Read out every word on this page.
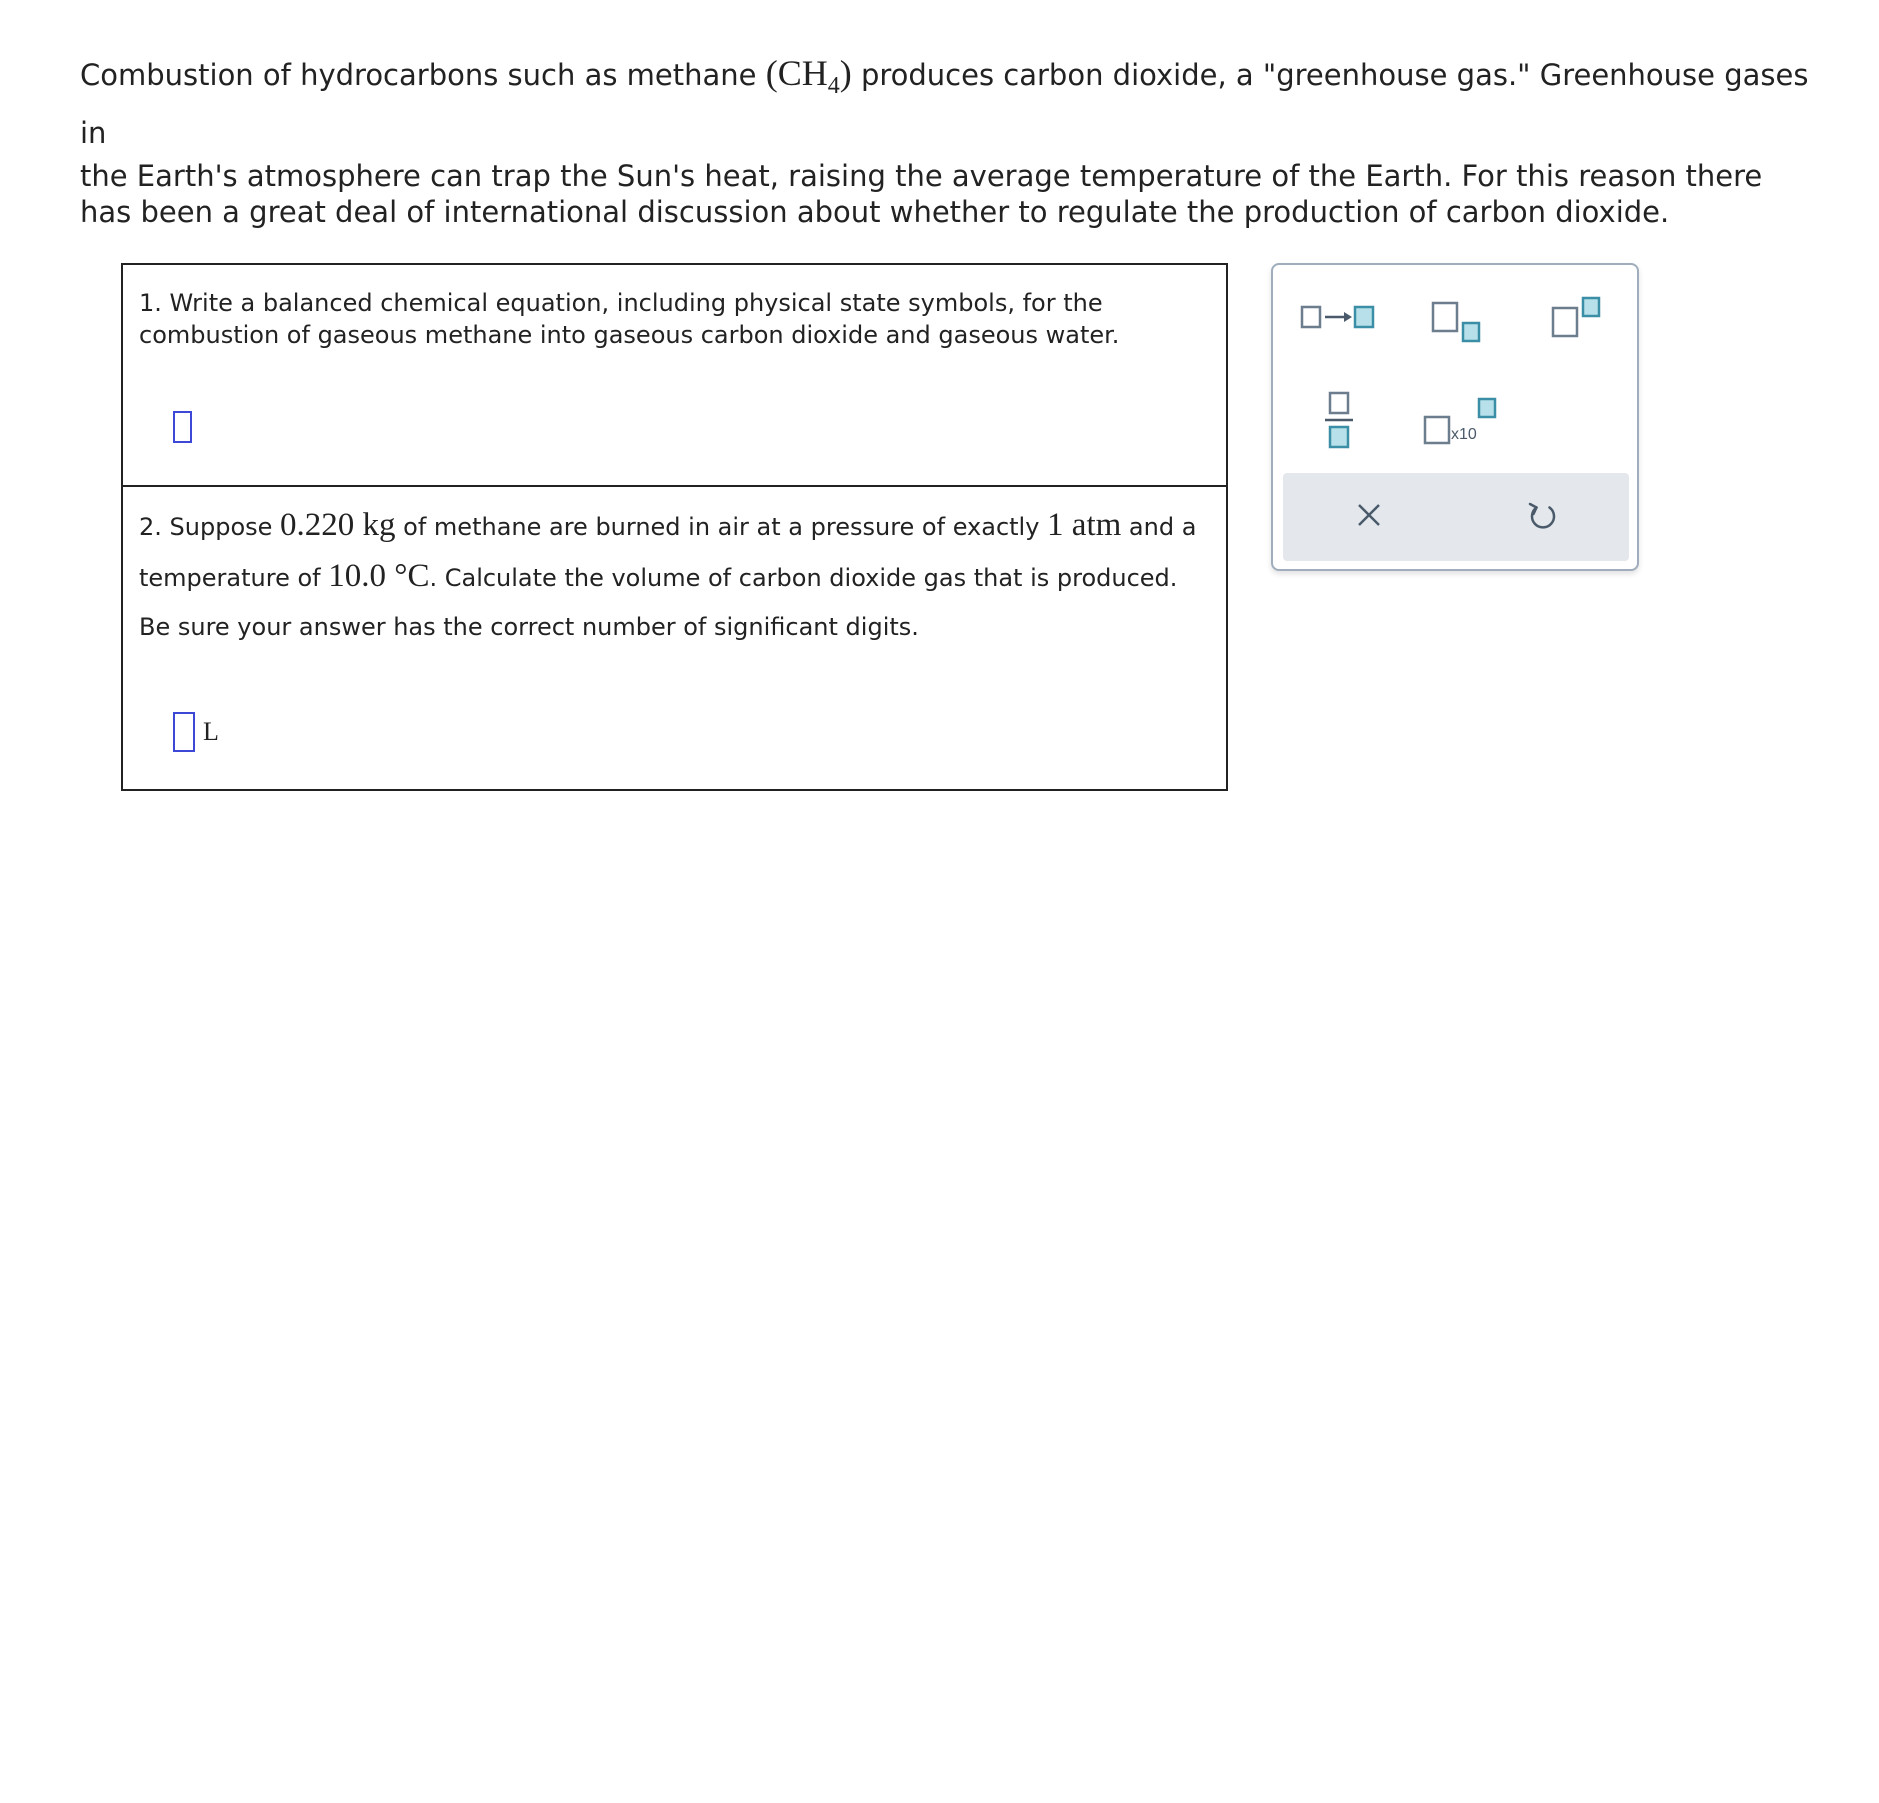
Combustion of hydrocarbons such as methane $(CH_4)$ produces carbon dioxide, a "greenhouse gas." Greenhouse gases in
the Earth's atmosphere can trap the Sun's heat, raising the average temperature of the Earth. For this reason there has been a great deal of international discussion about whether to regulate the production of carbon dioxide.
1. Write a balanced chemical equation, including physical state symbols, for the combustion of gaseous methane into gaseous carbon dioxide and gaseous water.
2. Suppose 0.220 kg of methane are burned in air at a pressure of exactly 1 atm and a temperature of 10.0 °C. Calculate the volume of carbon dioxide gas that is produced. Be sure your answer has the correct number of significant digits.
L
x10
